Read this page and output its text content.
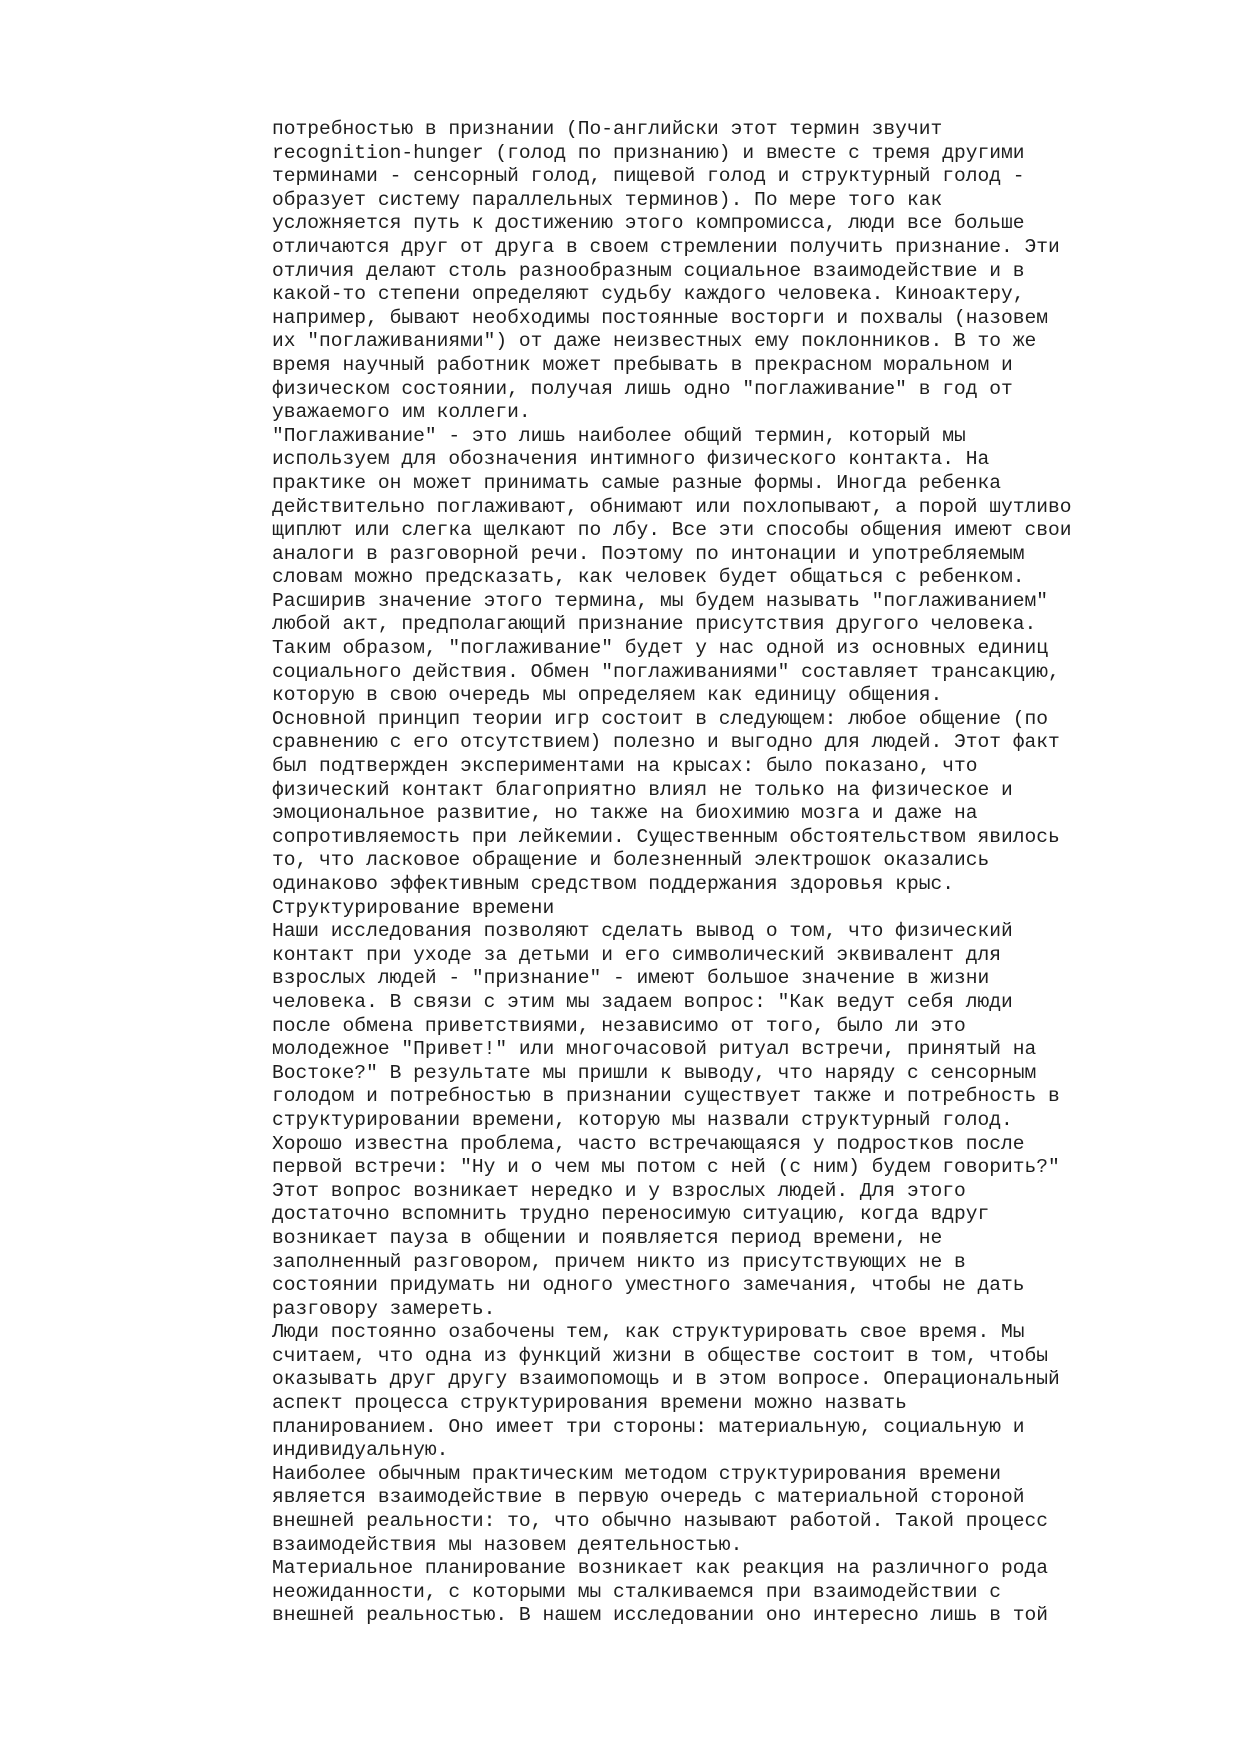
потребностью в признании (По-английски этот термин звучит
recognition-hunger (голод по признанию) и вместе с тремя другими
терминами - сенсорный голод, пищевой голод и структурный голод -
образует систему параллельных терминов). По мере того как
усложняется путь к достижению этого компромисса, люди все больше
отличаются друг от друга в своем стремлении получить признание. Эти
отличия делают столь разнообразным социальное взаимодействие и в
какой-то степени определяют судьбу каждого человека. Киноактеру,
например, бывают необходимы постоянные восторги и похвалы (назовем
их "поглаживаниями") от даже неизвестных ему поклонников. В то же
время научный работник может пребывать в прекрасном моральном и
физическом состоянии, получая лишь одно "поглаживание" в год от
уважаемого им коллеги.
"Поглаживание" - это лишь наиболее общий термин, который мы
используем для обозначения интимного физического контакта. На
практике он может принимать самые разные формы. Иногда ребенка
действительно поглаживают, обнимают или похлопывают, а порой шутливо
щиплют или слегка щелкают по лбу. Все эти способы общения имеют свои
аналоги в разговорной речи. Поэтому по интонации и употребляемым
словам можно предсказать, как человек будет общаться с ребенком.
Расширив значение этого термина, мы будем называть "поглаживанием"
любой акт, предполагающий признание присутствия другого человека.
Таким образом, "поглаживание" будет у нас одной из основных единиц
социального действия. Обмен "поглаживаниями" составляет трансакцию,
которую в свою очередь мы определяем как единицу общения.
Основной принцип теории игр состоит в следующем: любое общение (по
сравнению с его отсутствием) полезно и выгодно для людей. Этот факт
был подтвержден экспериментами на крысах: было показано, что
физический контакт благоприятно влиял не только на физическое и
эмоциональное развитие, но также на биохимию мозга и даже на
сопротивляемость при лейкемии. Существенным обстоятельством явилось
то, что ласковое обращение и болезненный электрошок оказались
одинаково эффективным средством поддержания здоровья крыс.
Структурирование времени
Наши исследования позволяют сделать вывод о том, что физический
контакт при уходе за детьми и его символический эквивалент для
взрослых людей - "признание" - имеют большое значение в жизни
человека. В связи с этим мы задаем вопрос: "Как ведут себя люди
после обмена приветствиями, независимо от того, было ли это
молодежное "Привет!" или многочасовой ритуал встречи, принятый на
Востоке?" В результате мы пришли к выводу, что наряду с сенсорным
голодом и потребностью в признании существует также и потребность в
структурировании времени, которую мы назвали структурный голод.
Хорошо известна проблема, часто встречающаяся у подростков после
первой встречи: "Ну и о чем мы потом с ней (с ним) будем говорить?"
Этот вопрос возникает нередко и у взрослых людей. Для этого
достаточно вспомнить трудно переносимую ситуацию, когда вдруг
возникает пауза в общении и появляется период времени, не
заполненный разговором, причем никто из присутствующих не в
состоянии придумать ни одного уместного замечания, чтобы не дать
разговору замереть.
Люди постоянно озабочены тем, как структурировать свое время. Мы
считаем, что одна из функций жизни в обществе состоит в том, чтобы
оказывать друг другу взаимопомощь и в этом вопросе. Операциональный
аспект процесса структурирования времени можно назвать
планированием. Оно имеет три стороны: материальную, социальную и
индивидуальную.
Наиболее обычным практическим методом структурирования времени
является взаимодействие в первую очередь с материальной стороной
внешней реальности: то, что обычно называют работой. Такой процесс
взаимодействия мы назовем деятельностью.
Материальное планирование возникает как реакция на различного рода
неожиданности, с которыми мы сталкиваемся при взаимодействии с
внешней реальностью. В нашем исследовании оно интересно лишь в той
